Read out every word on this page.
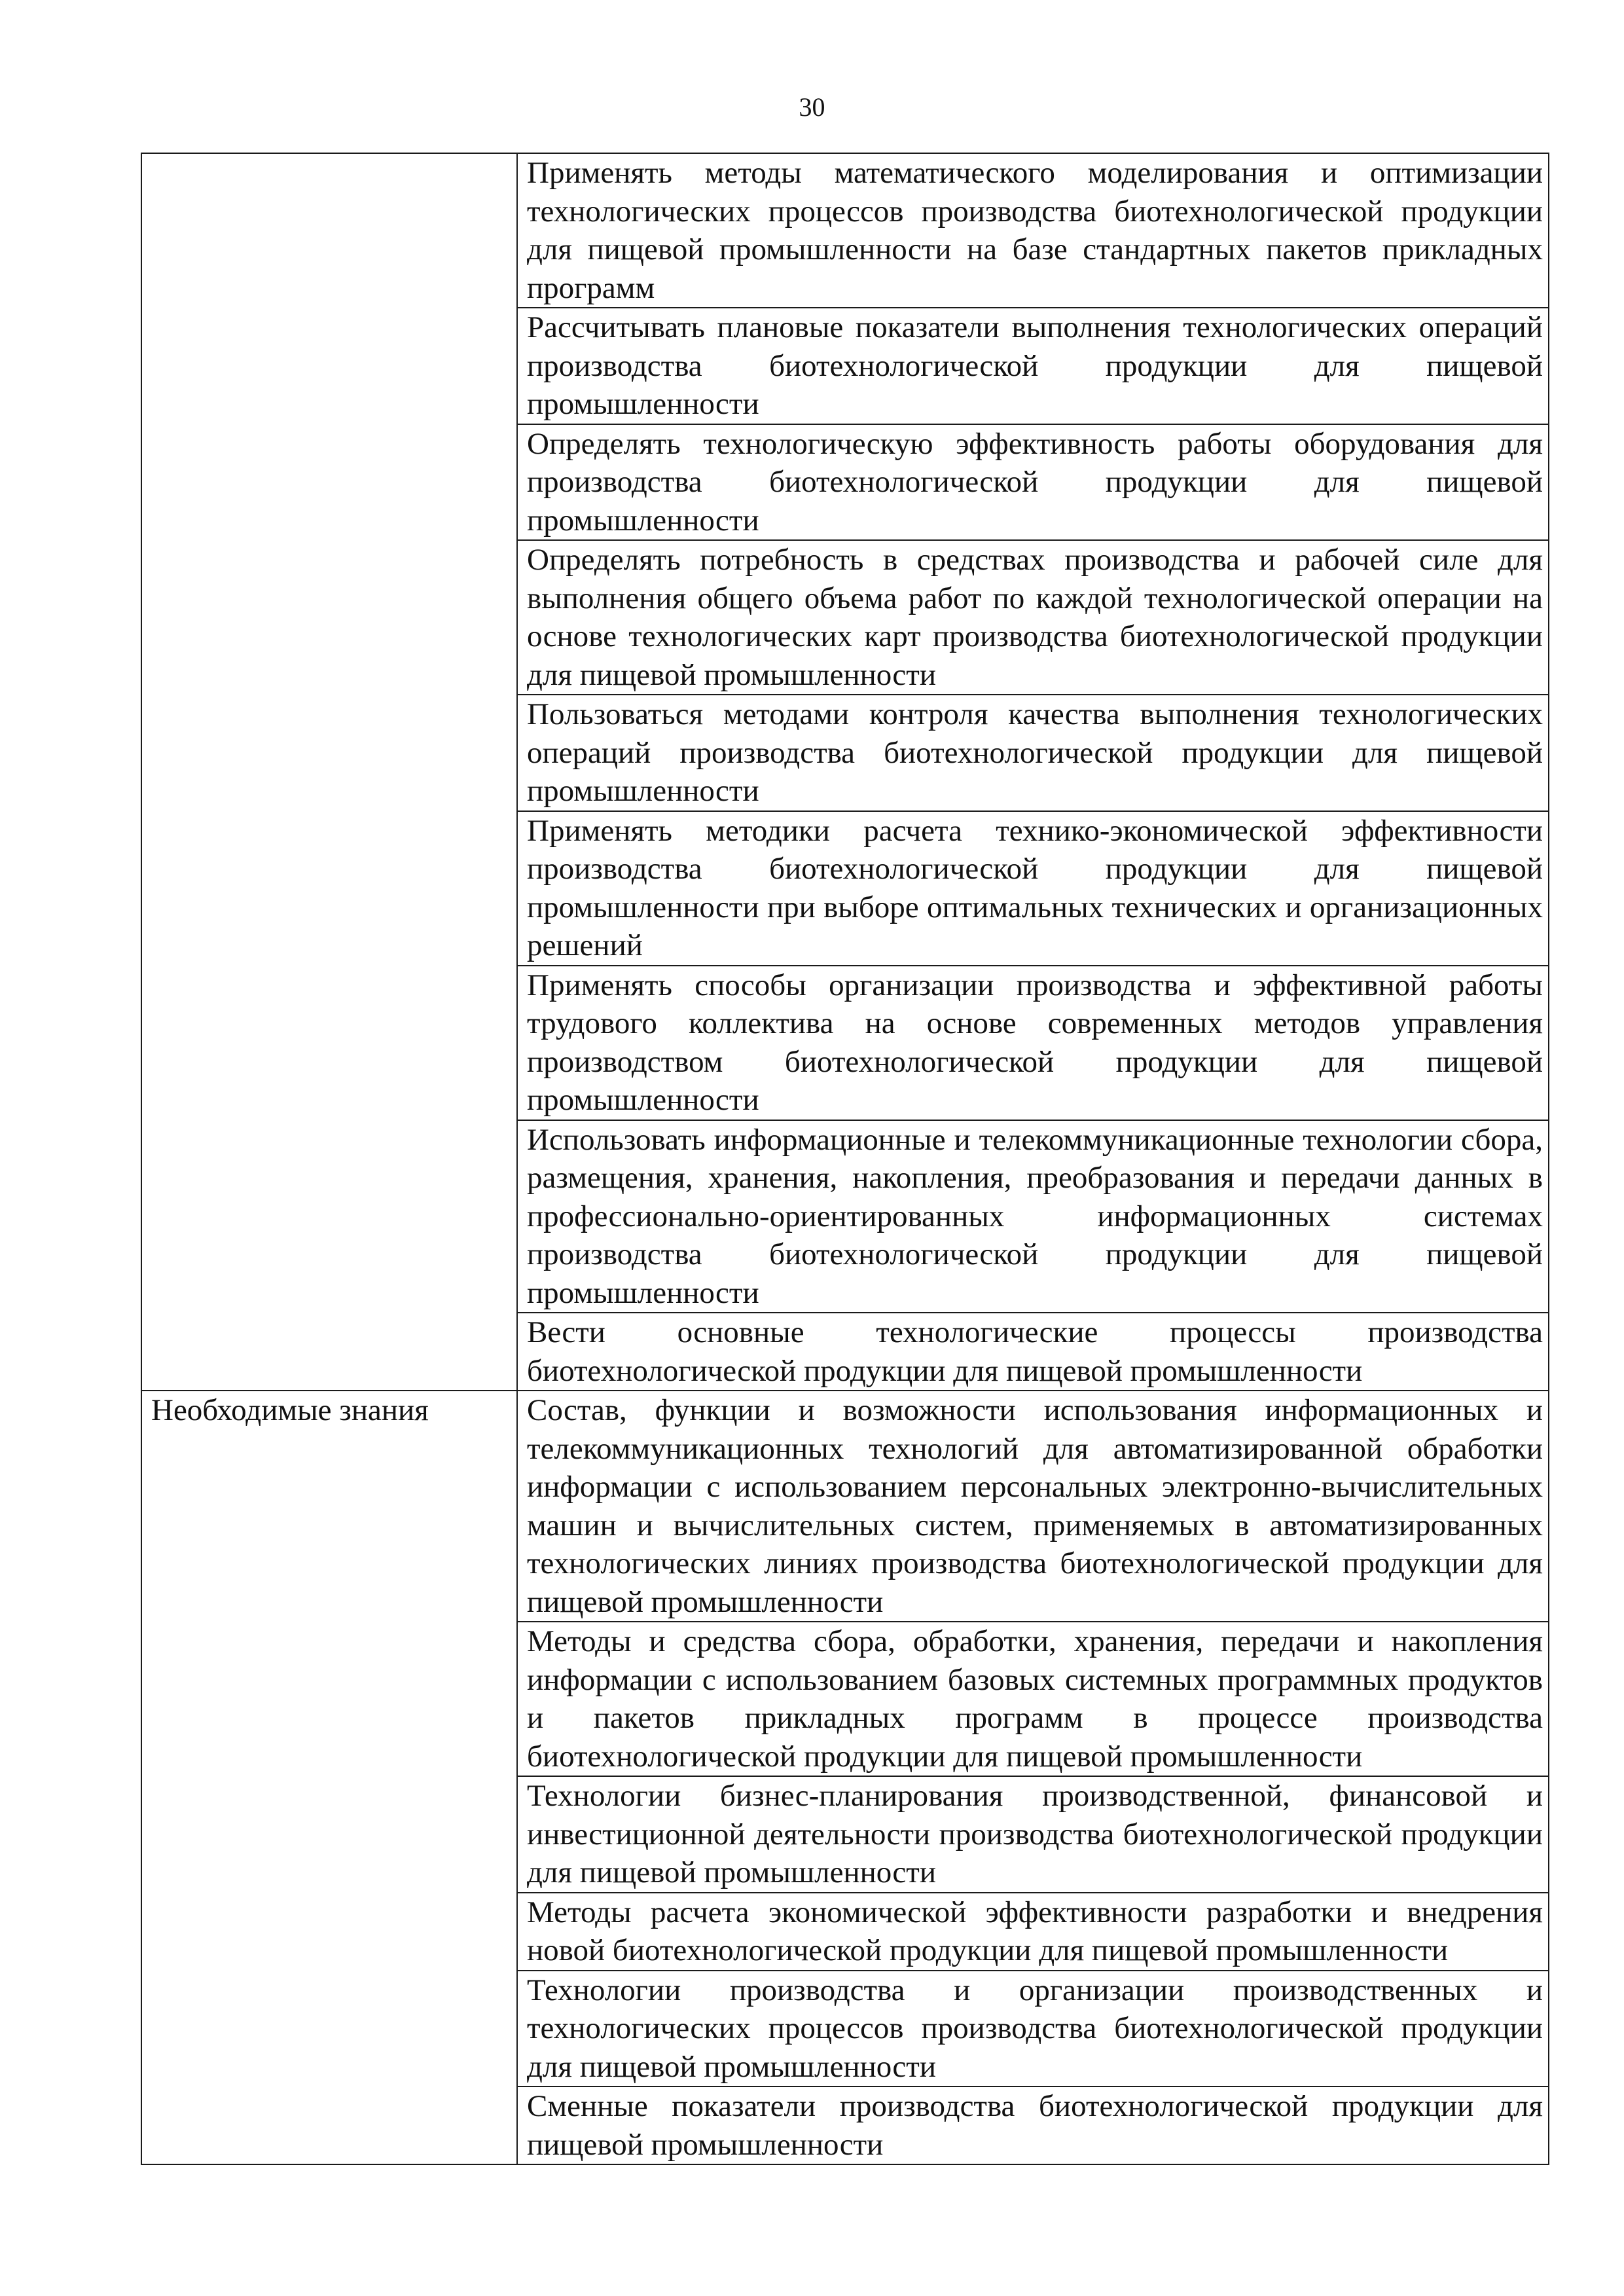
30
	Применять методы математического моделирования и оптимизации технологических процессов производства биотехнологической продукции для пищевой промышленности на базе стандартных пакетов прикладных программ
	Рассчитывать плановые показатели выполнения технологических операций производства биотехнологической продукции для пищевой промышленности
	Определять технологическую эффективность работы оборудования для производства биотехнологической продукции для пищевой промышленности
	Определять потребность в средствах производства и рабочей силе для выполнения общего объема работ по каждой технологической операции на основе технологических карт производства биотехнологической продукции для пищевой промышленности
	Пользоваться методами контроля качества выполнения технологических операций производства биотехнологической продукции для пищевой промышленности
	Применять методики расчета технико-экономической эффективности производства биотехнологической продукции для пищевой промышленности при выборе оптимальных технических и организационных решений
	Применять способы организации производства и эффективной работы трудового коллектива на основе современных методов управления производством биотехнологической продукции для пищевой промышленности
	Использовать информационные и телекоммуникационные технологии сбора, размещения, хранения, накопления, преобразования и передачи данных в профессионально-ориентированных информационных системах производства биотехнологической продукции для пищевой промышленности
	Вести основные технологические процессы производства биотехнологической продукции для пищевой промышленности
Необходимые знания	Состав, функции и возможности использования информационных и телекоммуникационных технологий для автоматизированной обработки информации с использованием персональных электронно-вычислительных машин и вычислительных систем, применяемых в автоматизированных технологических линиях производства биотехнологической продукции для пищевой промышленности
	Методы и средства сбора, обработки, хранения, передачи и накопления информации с использованием базовых системных программных продуктов и пакетов прикладных программ в процессе производства биотехнологической продукции для пищевой промышленности
	Технологии бизнес-планирования производственной, финансовой и инвестиционной деятельности производства биотехнологической продукции для пищевой промышленности
	Методы расчета экономической эффективности разработки и внедрения новой биотехнологической продукции для пищевой промышленности
	Технологии производства и организации производственных и технологических процессов производства биотехнологической продукции для пищевой промышленности
	Сменные показатели производства биотехнологической продукции для пищевой промышленности
